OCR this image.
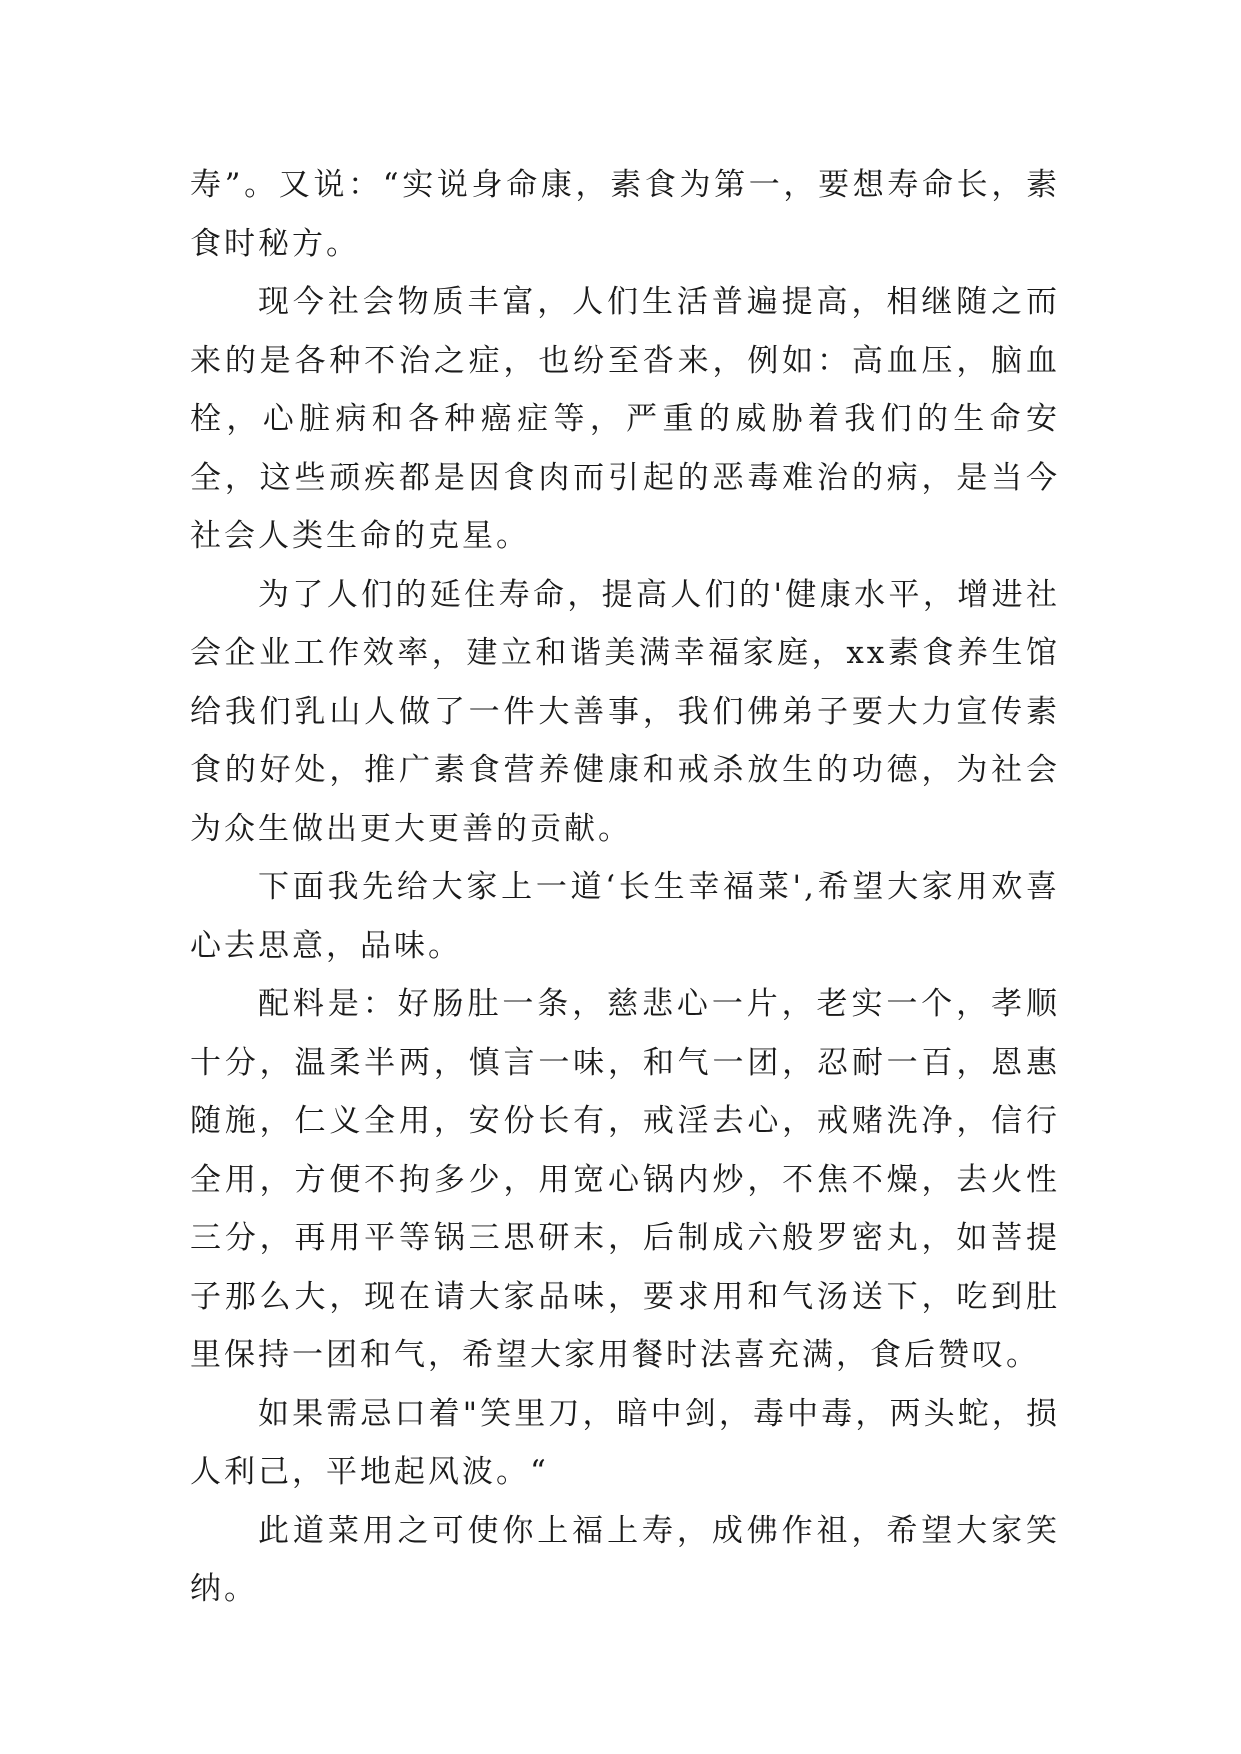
寿”。又说：“实说身命康，素食为第一，要想寿命长，素食时秘方。

现今社会物质丰富，人们生活普遍提高，相继随之而来的是各种不治之症，也纷至沓来，例如：高血压，脑血栓，心脏病和各种癌症等，严重的威胁着我们的生命安全，这些顽疾都是因食肉而引起的恶毒难治的病，是当今社会人类生命的克星。

为了人们的延住寿命，提高人们的'健康水平，增进社会企业工作效率，建立和谐美满幸福家庭，xx素食养生馆给我们乳山人做了一件大善事，我们佛弟子要大力宣传素食的好处，推广素食营养健康和戒杀放生的功德，为社会为众生做出更大更善的贡献。

下面我先给大家上一道‘长生幸福菜',希望大家用欢喜心去思意，品味。

配料是：好肠肚一条，慈悲心一片，老实一个，孝顺十分，温柔半两，慎言一味，和气一团，忍耐一百，恩惠随施，仁义全用，安份长有，戒淫去心，戒赌洗净，信行全用，方便不拘多少，用宽心锅内炒，不焦不燥，去火性三分，再用平等锅三思研末，后制成六般罗密丸，如菩提子那么大，现在请大家品味，要求用和气汤送下，吃到肚里保持一团和气，希望大家用餐时法喜充满，食后赞叹。

如果需忌口着"笑里刀，暗中剑，毒中毒，两头蛇，损人利己，平地起风波。“

此道菜用之可使你上福上寿，成佛作祖，希望大家笑纳。
